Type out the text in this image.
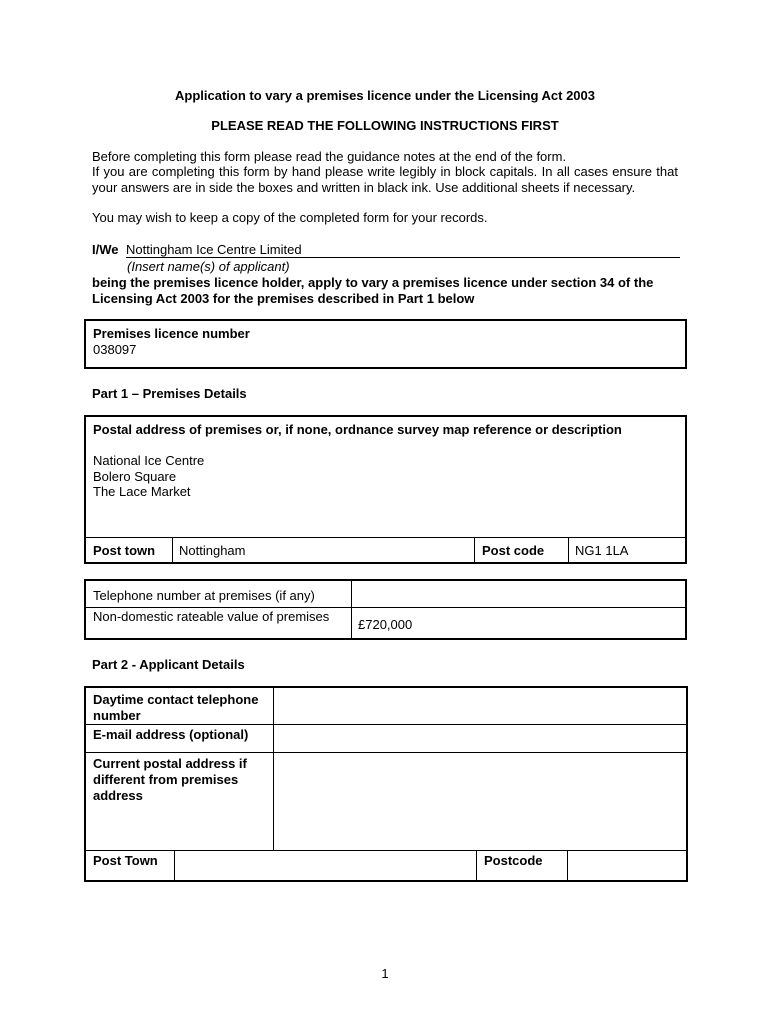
Application to vary a premises licence under the Licensing Act 2003
PLEASE READ THE FOLLOWING INSTRUCTIONS FIRST
Before completing this form please read the guidance notes at the end of the form.
If you are completing this form by hand please write legibly in block capitals. In all cases ensure that your answers are in side the boxes and written in black ink. Use additional sheets if necessary.
You may wish to keep a copy of the completed form for your records.
I/We Nottingham Ice Centre Limited
(Insert name(s) of applicant)
being the premises licence holder, apply to vary a premises licence under section 34 of the Licensing Act 2003 for the premises described in Part 1 below
Premises licence number
038097
Part 1 – Premises Details
Postal address of premises or, if none, ordnance survey map reference or description
National Ice Centre
Bolero Square
The Lace Market
Post town Nottingham	Post code NG1 1LA
Telephone number at premises (if any)
Non-domestic rateable value of premises
£720,000
Part 2 - Applicant Details
Daytime contact telephone number
E-mail address (optional)
Current postal address if different from premises address
Post Town	Postcode
1
